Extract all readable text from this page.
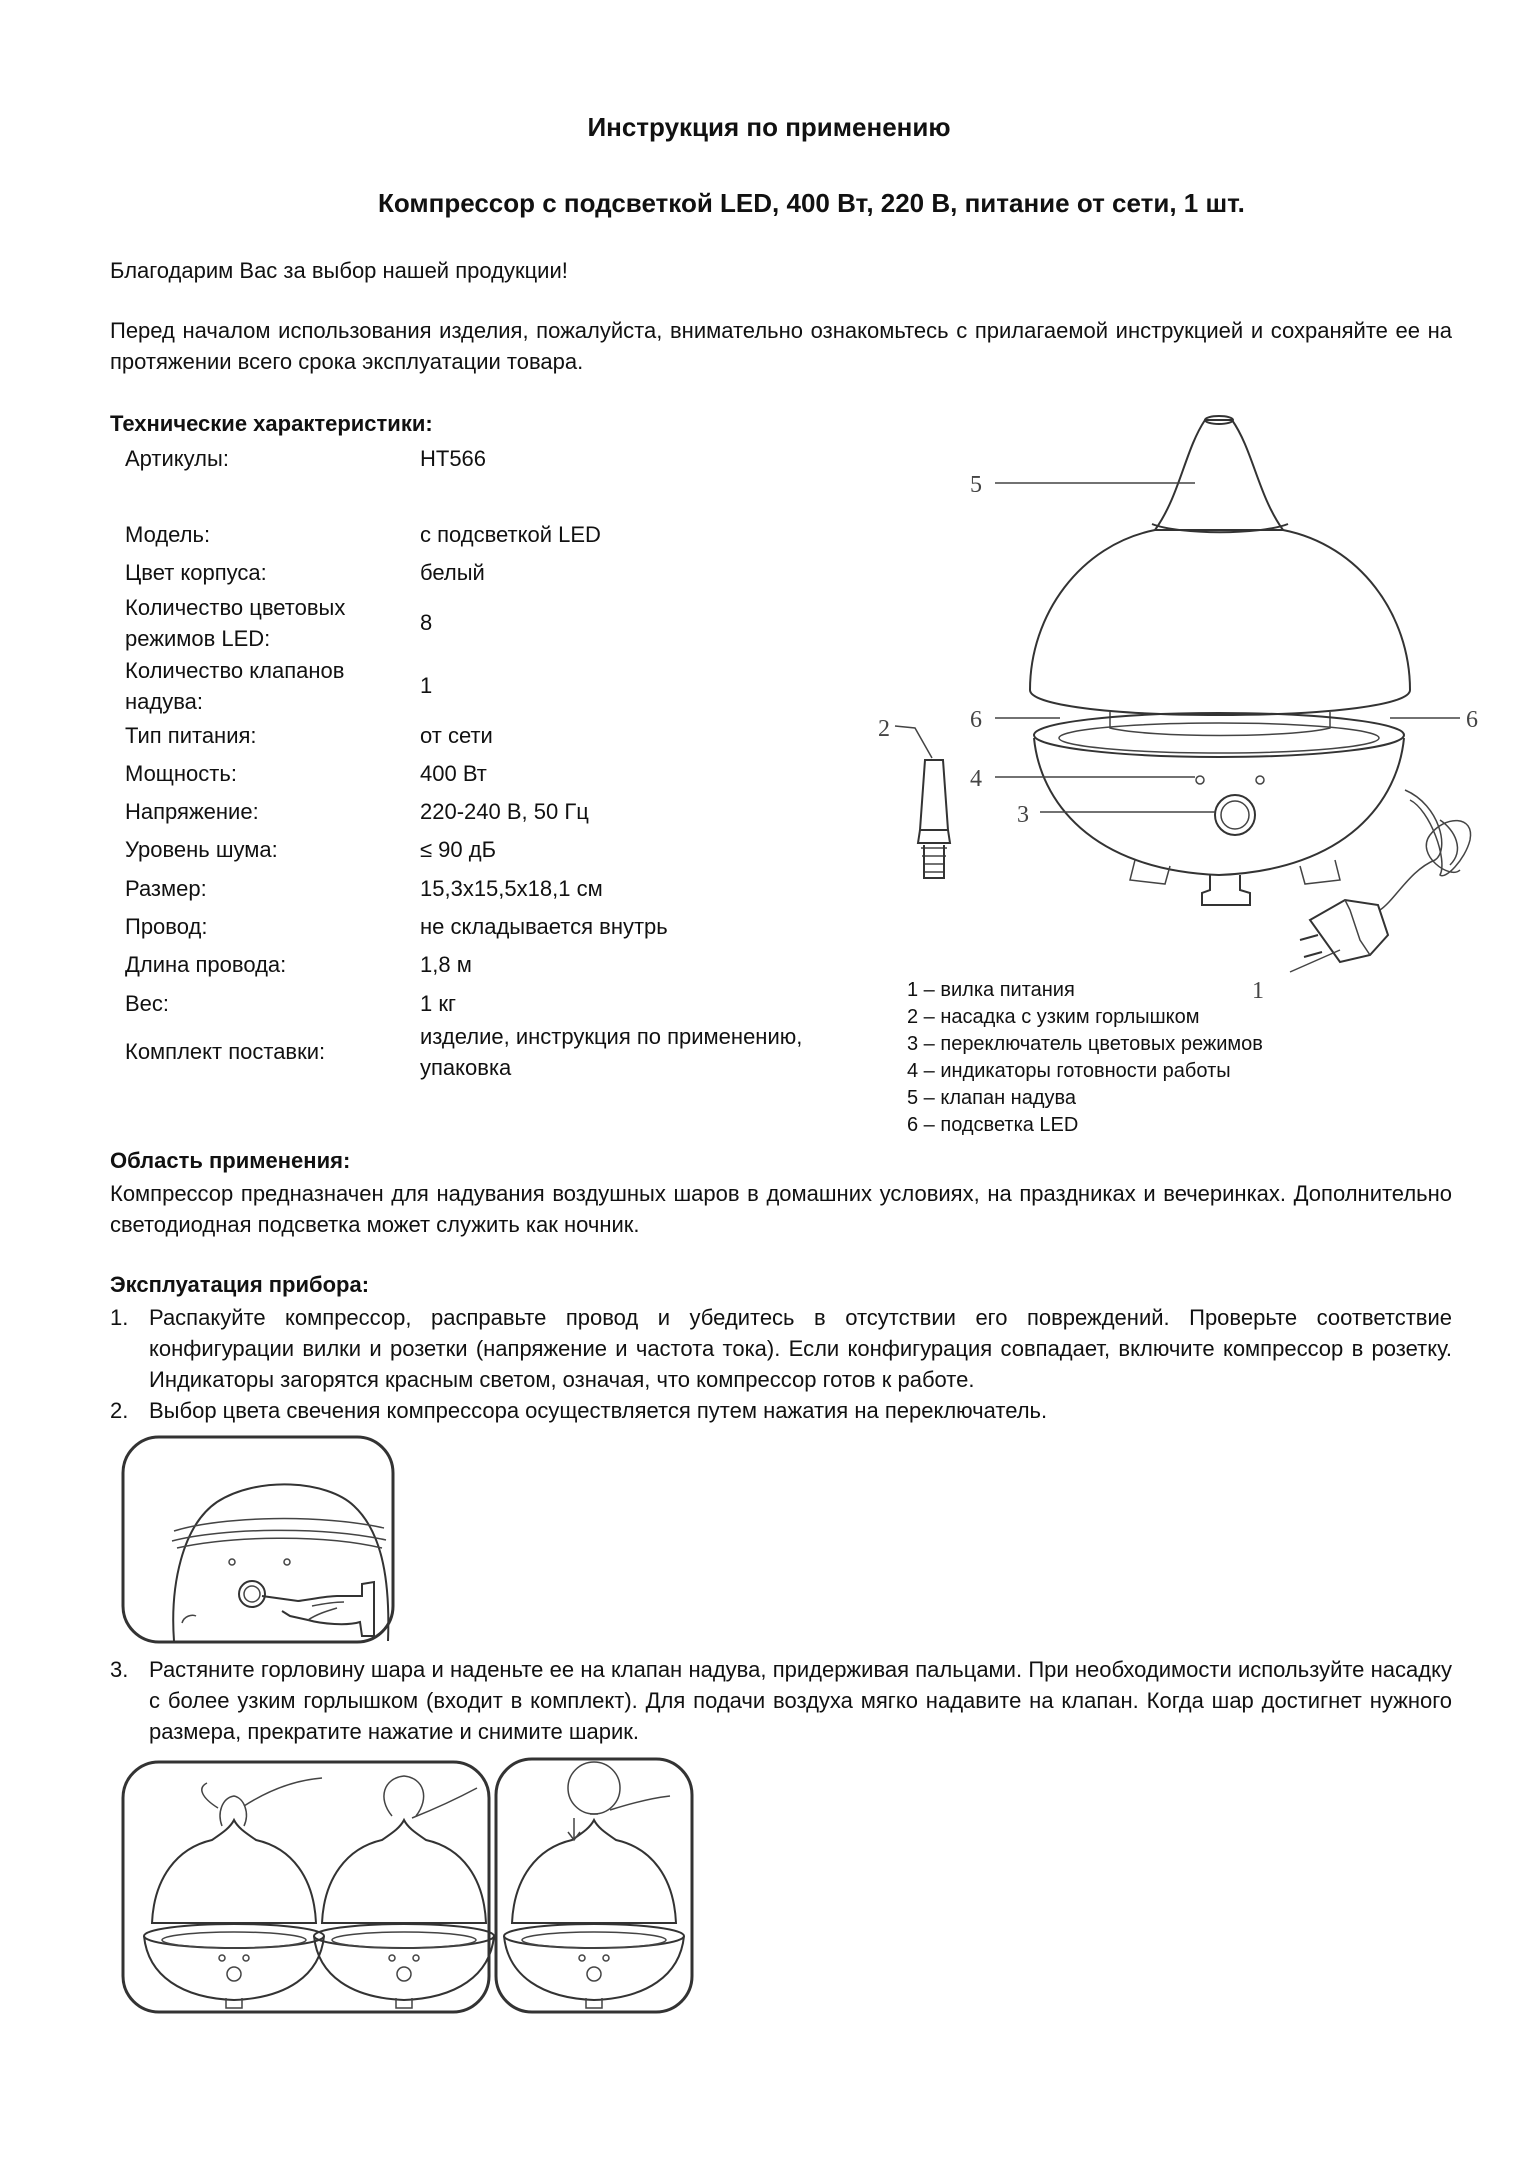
Инструкция по применению
Компрессор с подсветкой LED, 400 Вт, 220 В, питание от сети, 1 шт.
Благодарим Вас за выбор нашей продукции!
Перед началом использования изделия, пожалуйста, внимательно ознакомьтесь с прилагаемой инструкцией и сохраняйте ее на протяжении всего срока эксплуатации товара.
Технические характеристики:
Артикулы:	HT566
Модель:	с подсветкой LED
Цвет корпуса:	белый
Количество цветовых режимов LED:
8
Количество клапанов надува:
1
Тип питания:	от сети
Мощность:	400 Вт
Напряжение:	220-240 В, 50 Гц
Уровень шума:	≤ 90 дБ
Размер:	15,3x15,5x18,1 см
Провод:	не складывается внутрь
Длина провода:	1,8 м
Вес:	1 кг
Комплект поставки:
изделие, инструкция по применению, упаковка
5
6	6
2
4
3
1
1 – вилка питания
2 – насадка с узким горлышком
3 – переключатель цветовых режимов
4 – индикаторы готовности работы
5 – клапан надува
6 – подсветка LED
Область применения:
Компрессор предназначен для надувания воздушных шаров в домашних условиях, на праздниках и вечеринках. Дополнительно светодиодная подсветка может служить как ночник.
Эксплуатация прибора:
1. Распакуйте компрессор, расправьте провод и убедитесь в отсутствии его повреждений. Проверьте соответствие конфигурации вилки и розетки (напряжение и частота тока). Если конфигурация совпадает, включите компрессор в розетку. Индикаторы загорятся красным светом, означая, что компрессор готов к работе.
2. Выбор цвета свечения компрессора осуществляется путем нажатия на переключатель.
3. Растяните горловину шара и наденьте ее на клапан надува, придерживая пальцами. При необходимости используйте насадку с более узким горлышком (входит в комплект). Для подачи воздуха мягко надавите на клапан. Когда шар достигнет нужного размера, прекратите нажатие и снимите шарик.
